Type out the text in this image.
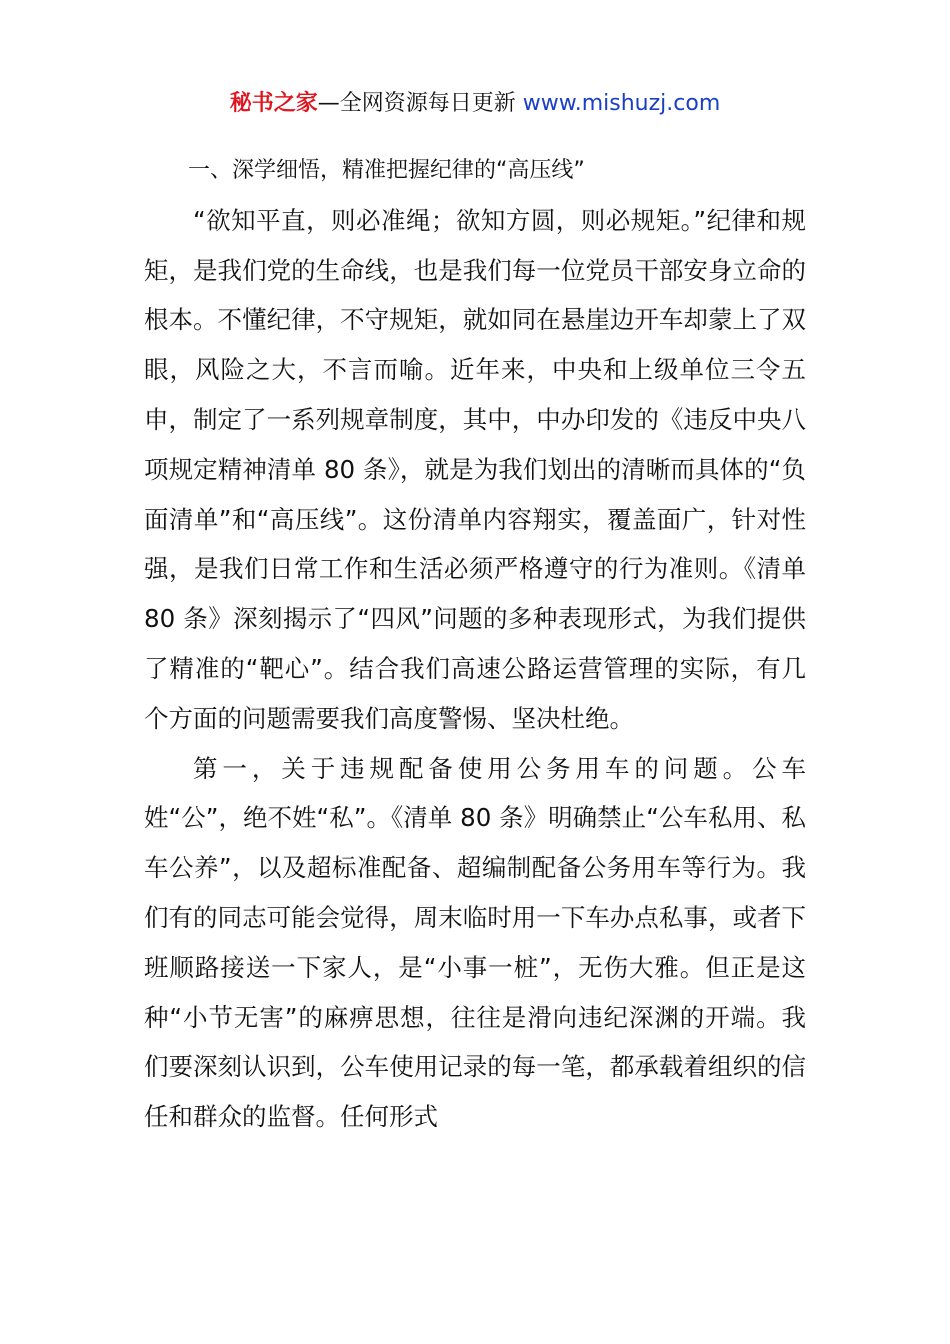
秘书之家—全网资源每日更新 www.mishuzj.com

一、深学细悟，精准把握纪律的“高压线”

“欲知平直，则必准绳；欲知方圆，则必规矩。”纪律和规矩，是我们党的生命线，也是我们每一位党员干部安身立命的根本。不懂纪律，不守规矩，就如同在悬崖边开车却蒙上了双眼，风险之大，不言而喻。近年来，中央和上级单位三令五申，制定了一系列规章制度，其中，中办印发的《违反中央八项规定精神清单 80 条》，就是为我们划出的清晰而具体的“负面清单”和“高压线”。这份清单内容翔实，覆盖面广，针对性强，是我们日常工作和生活必须严格遵守的行为准则。《清单 80 条》深刻揭示了“四风”问题的多种表现形式，为我们提供了精准的“靶心”。结合我们高速公路运营管理的实际，有几个方面的问题需要我们高度警惕、坚决杜绝。

第一，关于违规配备使用公务用车的问题。公车姓“公”，绝不姓“私”。《清单 80 条》明确禁止“公车私用、私车公养”，以及超标准配备、超编制配备公务用车等行为。我们有的同志可能会觉得，周末临时用一下车办点私事，或者下班顺路接送一下家人，是“小事一桩”，无伤大雅。但正是这种“小节无害”的麻痹思想，往往是滑向违纪深渊的开端。我们要深刻认识到，公车使用记录的每一笔，都承载着组织的信任和群众的监督。任何形式
